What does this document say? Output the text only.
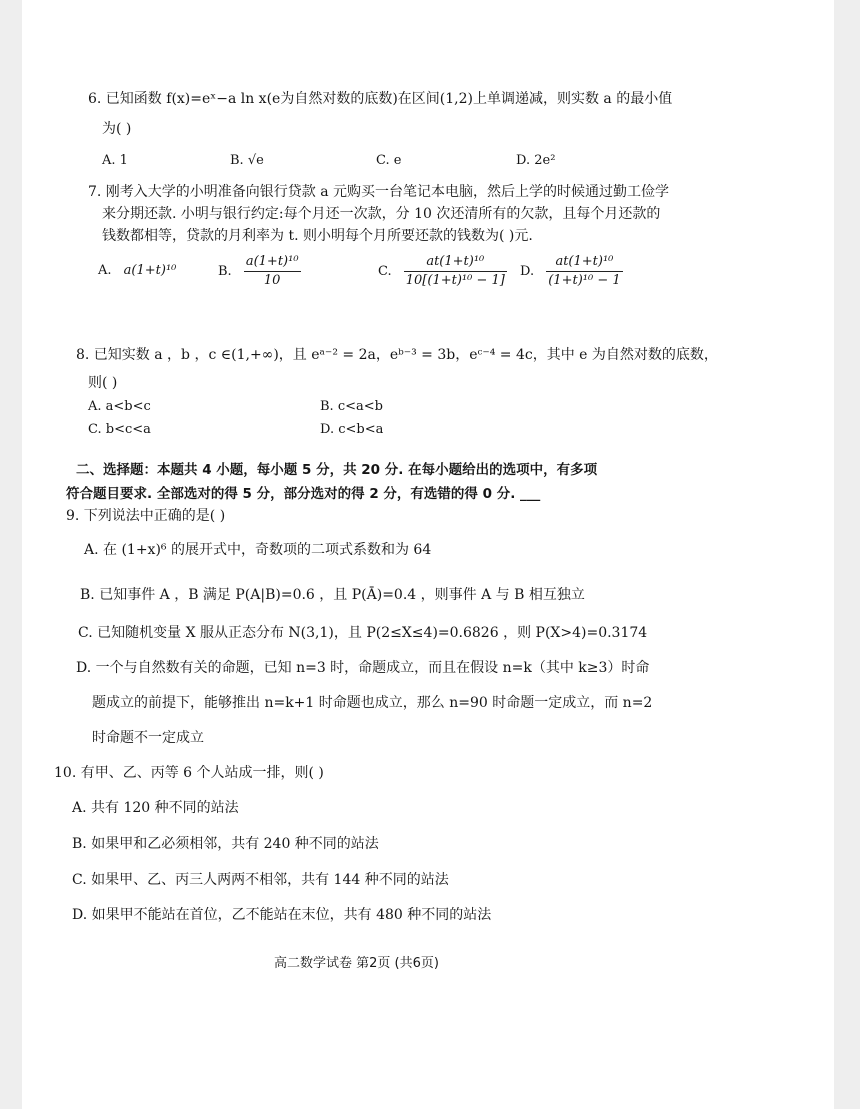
6. 已知函数 f(x)=eˣ−a ln x(e为自然对数的底数)在区间(1,2)上单调递减，则实数 a 的最小值
为( )
A. 1	B. √e	C. e	D. 2e²
7. 刚考入大学的小明准备向银行贷款 a 元购买一台笔记本电脑，然后上学的时候通过勤工俭学
来分期还款. 小明与银行约定:每个月还一次款，分 10 次还清所有的欠款，且每个月还款的
钱数都相等，贷款的月利率为 t. 则小明每个月所要还款的钱数为( )元.
A. a(1+t)¹⁰	B. $\frac{\text{a(1+t)¹⁰}}{10}$	C. $\frac{\text{at(1+t)¹⁰}}{\text{10[(1+t)¹⁰ − 1]}} D$. $\frac{\text{at(1+t)¹⁰}}{\text{(1+t)¹⁰ − 1}}$
8. 已知实数 a ，b ，c ∈(1,+∞)，且 eᵃ⁻² = 2a，eᵇ⁻³ = 3b，eᶜ⁻⁴ = 4c，其中 e 为自然对数的底数，
则( )
A. a<b<c	B. c<a<b
C. b<c<a	D. c<b<a
二、选择题：本题共 4 小题，每小题 5 分，共 20 分. 在每小题给出的选项中，有多项
符合题目要求. 全部选对的得 5 分，部分选对的得 2 分，有选错的得 0 分. ___
9. 下列说法中正确的是( )
A. 在 (1+x)⁶ 的展开式中，奇数项的二项式系数和为 64
B. 已知事件 A ，B 满足 P(A|B)=0.6 ，且 P(Ā)=0.4 ，则事件 A 与 B 相互独立
C. 已知随机变量 X 服从正态分布 N(3,1)，且 P(2≤X≤4)=0.6826 ，则 P(X>4)=0.3174
D. 一个与自然数有关的命题，已知 n=3 时，命题成立，而且在假设 n=k（其中 k≥3）时命
题成立的前提下，能够推出 n=k+1 时命题也成立，那么 n=90 时命题一定成立，而 n=2
时命题不一定成立
10. 有甲、乙、丙等 6 个人站成一排，则( )
A. 共有 120 种不同的站法
B. 如果甲和乙必须相邻，共有 240 种不同的站法
C. 如果甲、乙、丙三人两两不相邻，共有 144 种不同的站法
D. 如果甲不能站在首位，乙不能站在末位，共有 480 种不同的站法
高二数学试卷 第2页 (共6页)
